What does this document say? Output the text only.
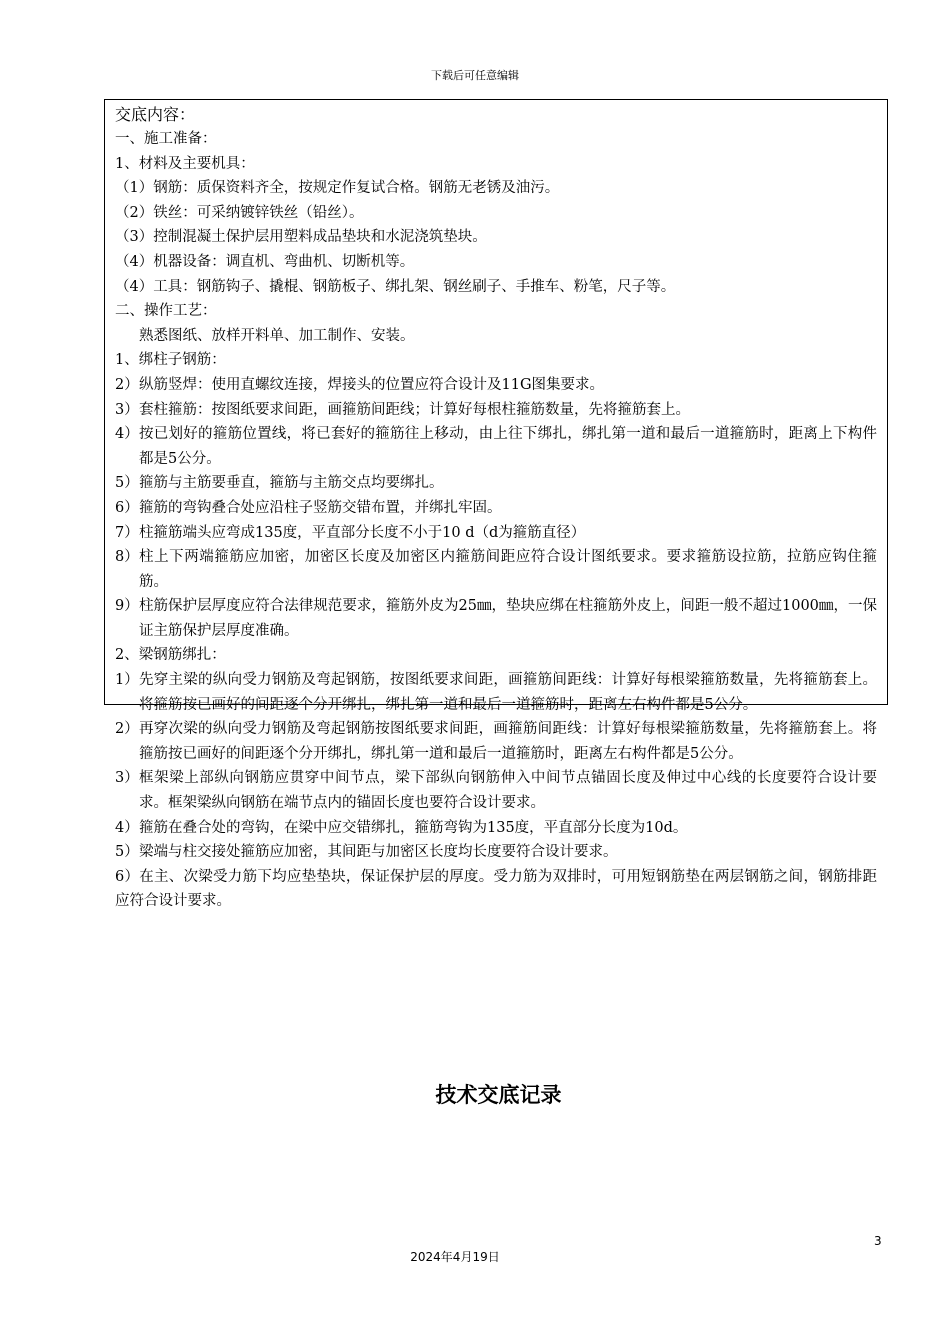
下载后可任意编辑
交底内容：
一、施工准备：
1、材料及主要机具：
（1）钢筋：质保资料齐全，按规定作复试合格。钢筋无老锈及油污。
（2）铁丝：可采纳镀锌铁丝（铅丝）。
（3）控制混凝土保护层用塑料成品垫块和水泥浇筑垫块。
（4）机器设备：调直机、弯曲机、切断机等。
（4）工具：钢筋钩子、撬棍、钢筋板子、绑扎架、钢丝刷子、手推车、粉笔，尺子等。
二、操作工艺：
熟悉图纸、放样开料单、加工制作、安装。
1、绑柱子钢筋：
2） 纵筋竖焊：使用直螺纹连接，焊接头的位置应符合设计及11G图集要求。
3） 套柱箍筋：按图纸要求间距，画箍筋间距线；计算好每根柱箍筋数量，先将箍筋套上。
4） 按已划好的箍筋位置线，将已套好的箍筋往上移动，由上往下绑扎，绑扎第一道和最后一道箍筋时，距离上下构件都是5公分。
5） 箍筋与主筋要垂直，箍筋与主筋交点均要绑扎。
6） 箍筋的弯钩叠合处应沿柱子竖筋交错布置，并绑扎牢固。
7） 柱箍筋端头应弯成135度，平直部分长度不小于10 d（d为箍筋直径）
8） 柱上下两端箍筋应加密，加密区长度及加密区内箍筋间距应符合设计图纸要求。要求箍筋设拉筋，拉筋应钩住箍筋。
9） 柱筋保护层厚度应符合法律规范要求，箍筋外皮为25㎜，垫块应绑在柱箍筋外皮上，间距一般不超过1000㎜，一保证主筋保护层厚度准确。
2、梁钢筋绑扎：
1） 先穿主梁的纵向受力钢筋及弯起钢筋，按图纸要求间距，画箍筋间距线：计算好每根梁箍筋数量，先将箍筋套上。将箍筋按已画好的间距逐个分开绑扎，绑扎第一道和最后一道箍筋时，距离左右构件都是5公分。
2） 再穿次梁的纵向受力钢筋及弯起钢筋按图纸要求间距，画箍筋间距线：计算好每根梁箍筋数量，先将箍筋套上。将箍筋按已画好的间距逐个分开绑扎，绑扎第一道和最后一道箍筋时，距离左右构件都是5公分。
3） 框架梁上部纵向钢筋应贯穿中间节点，梁下部纵向钢筋伸入中间节点锚固长度及伸过中心线的长度要符合设计要求。框架梁纵向钢筋在端节点内的锚固长度也要符合设计要求。
4） 箍筋在叠合处的弯钩，在梁中应交错绑扎，箍筋弯钩为135度，平直部分长度为10d。
5） 梁端与柱交接处箍筋应加密，其间距与加密区长度均长度要符合设计要求。
6）在主、次梁受力筋下均应垫垫块，保证保护层的厚度。受力筋为双排时，可用短钢筋垫在两层钢筋之间，钢筋排距应符合设计要求。
技术交底记录
3
2024年4月19日
